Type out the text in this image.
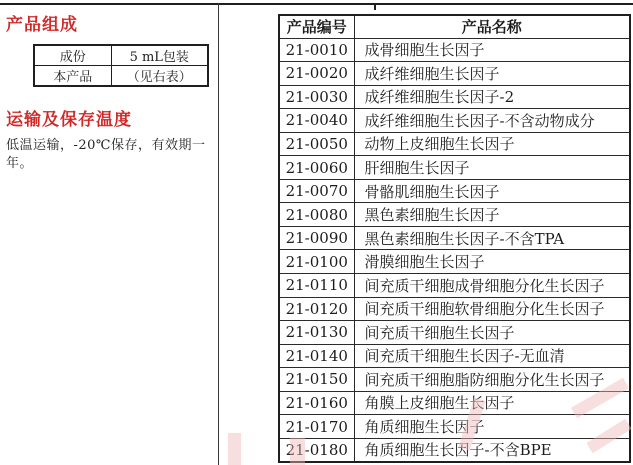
产品组成
成份	5 mL包装
本产品	（见右表）
运输及保存温度
低温运输，-20℃保存，有效期一年。
产品编号	产品名称
21-0010	成骨细胞生长因子
21-0020	成纤维细胞生长因子
21-0030	成纤维细胞生长因子-2
21-0040	成纤维细胞生长因子-不含动物成分
21-0050	动物上皮细胞生长因子
21-0060	肝细胞生长因子
21-0070	骨骼肌细胞生长因子
21-0080	黑色素细胞生长因子
21-0090	黑色素细胞生长因子-不含TPA
21-0100	滑膜细胞生长因子
21-0110	间充质干细胞成骨细胞分化生长因子
21-0120	间充质干细胞软骨细胞分化生长因子
21-0130	间充质干细胞生长因子
21-0140	间充质干细胞生长因子-无血清
21-0150	间充质干细胞脂防细胞分化生长因子
21-0160	角膜上皮细胞生长因子
21-0170	角质细胞生长因子
21-0180	角质细胞生长因子-不含BPE
